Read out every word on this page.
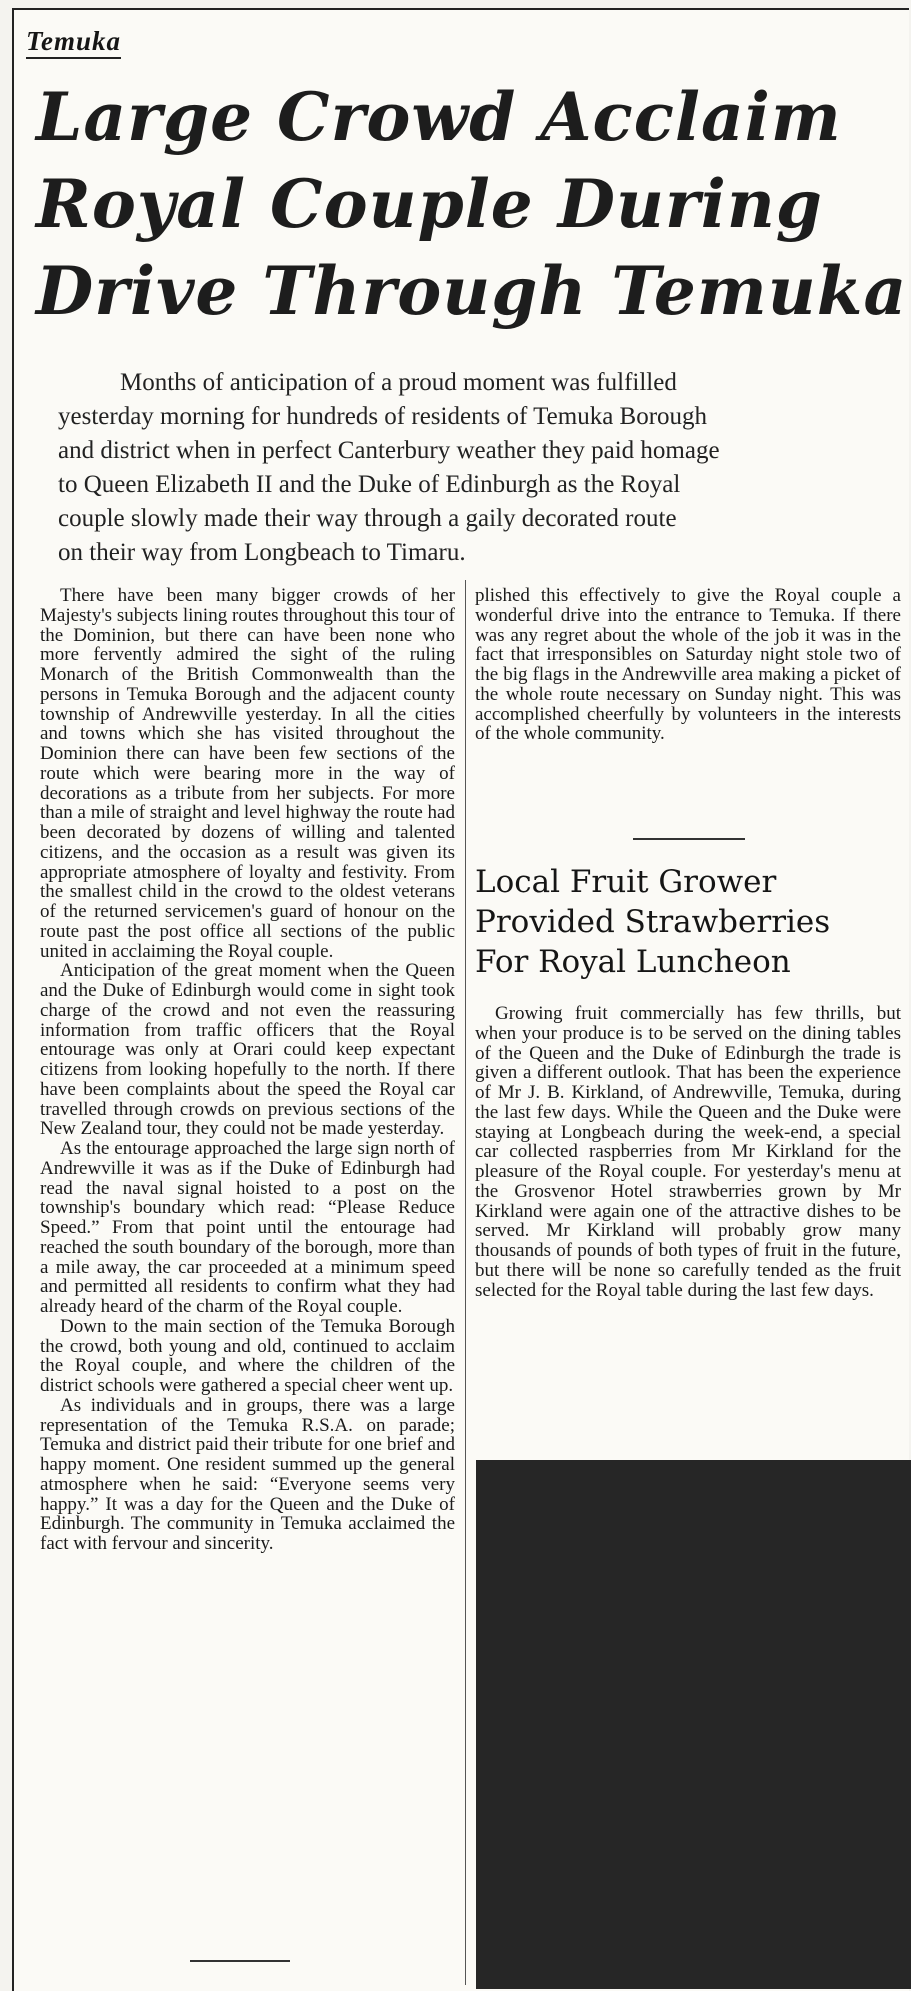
Temuka
Large Crowd Acclaim
Royal Couple During
Drive Through Temuka
Months of anticipation of a proud moment was fulfilled
yesterday morning for hundreds of residents of Temuka Borough
and district when in perfect Canterbury weather they paid homage
to Queen Elizabeth II and the Duke of Edinburgh as the Royal
couple slowly made their way through a gaily decorated route
on their way from Longbeach to Timaru.

There have been many bigger crowds of her Majesty's subjects lining routes throughout this tour of the Dominion, but there can have been none who more fervently admired the sight of the ruling Monarch of the British Commonwealth than the persons in Temuka Borough and the adjacent county township of Andrewville yesterday. In all the cities and towns which she has visited throughout the Dominion there can have been few sections of the route which were bearing more in the way of decorations as a tribute from her subjects. For more than a mile of straight and level highway the route had been decorated by dozens of willing and talented citizens, and the occasion as a result was given its appropriate atmosphere of loyalty and festivity. From the smallest child in the crowd to the oldest veterans of the returned servicemen's guard of honour on the route past the post office all sections of the public united in acclaiming the Royal couple.

Anticipation of the great moment when the Queen and the Duke of Edinburgh would come in sight took charge of the crowd and not even the reassuring information from traffic officers that the Royal entourage was only at Orari could keep expectant citizens from looking hopefully to the north. If there have been complaints about the speed the Royal car travelled through crowds on previous sections of the New Zealand tour, they could not be made yesterday.

As the entourage approached the large sign north of Andrewville it was as if the Duke of Edinburgh had read the naval signal hoisted to a post on the township's boundary which read: “Please Reduce Speed.” From that point until the entourage had reached the south boundary of the borough, more than a mile away, the car proceeded at a minimum speed and permitted all residents to confirm what they had already heard of the charm of the Royal couple.

Down to the main section of the Temuka Borough the crowd, both young and old, continued to acclaim the Royal couple, and where the children of the district schools were gathered a special cheer went up.

As individuals and in groups, there was a large representation of the Temuka R.S.A. on parade; Temuka and district paid their tribute for one brief and happy moment. One resident summed up the general atmosphere when he said: “Everyone seems very happy.” It was a day for the Queen and the Duke of Edinburgh. The community in Temuka acclaimed the fact with fervour and sincerity.

plished this effectively to give the Royal couple a wonderful drive into the entrance to Temuka. If there was any regret about the whole of the job it was in the fact that irresponsibles on Saturday night stole two of the big flags in the Andrewville area making a picket of the whole route necessary on Sunday night. This was accomplished cheerfully by volunteers in the interests of the whole community.

Local Fruit Grower
Provided Strawberries
For Royal Luncheon

Growing fruit commercially has few thrills, but when your produce is to be served on the dining tables of the Queen and the Duke of Edinburgh the trade is given a different outlook. That has been the experience of Mr J. B. Kirkland, of Andrewville, Temuka, during the last few days. While the Queen and the Duke were staying at Longbeach during the week-end, a special car collected raspberries from Mr Kirkland for the pleasure of the Royal couple. For yesterday's menu at the Grosvenor Hotel strawberries grown by Mr Kirkland were again one of the attractive dishes to be served. Mr Kirkland will probably grow many thousands of pounds of both types of fruit in the future, but there will be none so carefully tended as the fruit selected for the Royal table during the last few days.
